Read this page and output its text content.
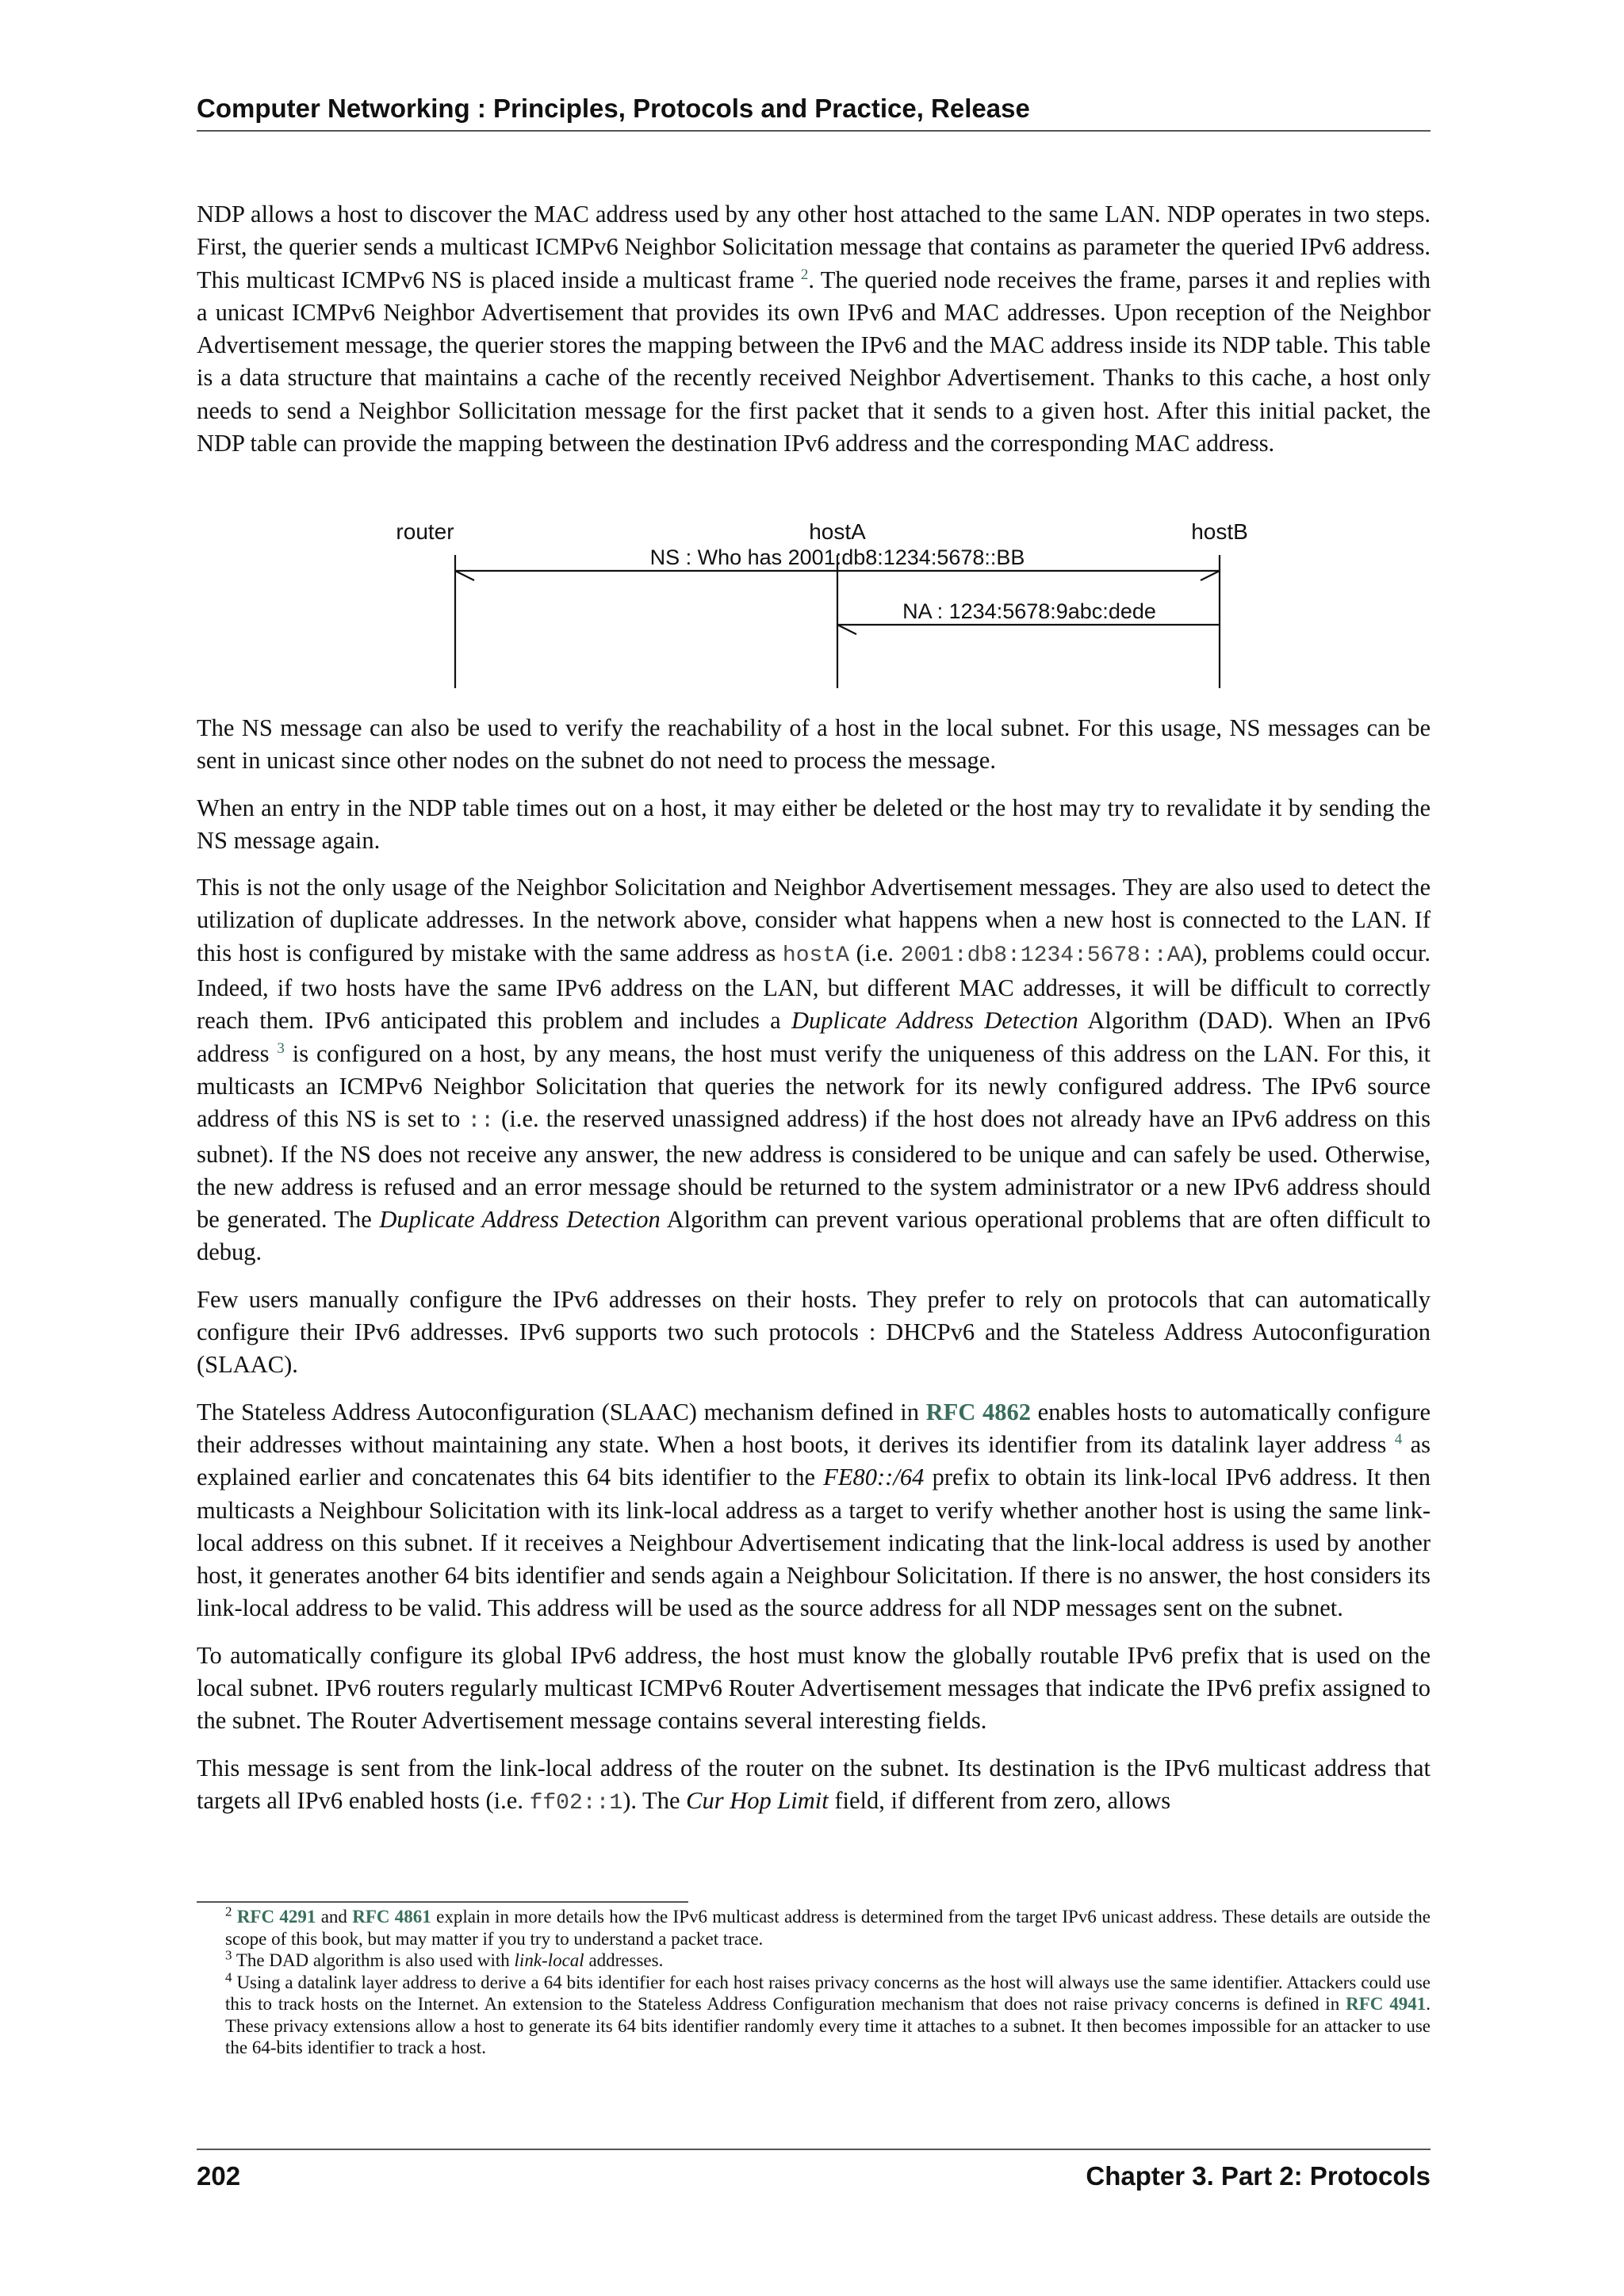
Computer Networking : Principles, Protocols and Practice, Release

NDP allows a host to discover the MAC address used by any other host attached to the same LAN. NDP operates in two steps. First, the querier sends a multicast ICMPv6 Neighbor Solicitation message that contains as parameter the queried IPv6 address. This multicast ICMPv6 NS is placed inside a multicast frame $^2$. The queried node receives the frame, parses it and replies with a unicast ICMPv6 Neighbor Advertisement that provides its own IPv6 and MAC addresses. Upon reception of the Neighbor Advertisement message, the querier stores the mapping between the IPv6 and the MAC address inside its NDP table. This table is a data structure that maintains a cache of the recently received Neighbor Advertisement. Thanks to this cache, a host only needs to send a Neighbor Sollicitation message for the first packet that it sends to a given host. After this initial packet, the NDP table can provide the mapping between the destination IPv6 address and the corresponding MAC address.

router	hostA	hostB
NS : Who has 2001:db8:1234:5678::BB
NA : 1234:5678:9abc:dede

The NS message can also be used to verify the reachability of a host in the local subnet. For this usage, NS messages can be sent in unicast since other nodes on the subnet do not need to process the message.

When an entry in the NDP table times out on a host, it may either be deleted or the host may try to revalidate it by sending the NS message again.

This is not the only usage of the Neighbor Solicitation and Neighbor Advertisement messages. They are also used to detect the utilization of duplicate addresses. In the network above, consider what happens when a new host is connected to the LAN. If this host is configured by mistake with the same address as hostA (i.e. 2001:db8:1234:5678::AA), problems could occur. Indeed, if two hosts have the same IPv6 address on the LAN, but different MAC addresses, it will be difficult to correctly reach them. IPv6 anticipated this problem and includes a Duplicate Address Detection Algorithm (DAD). When an IPv6 address $^3$ is configured on a host, by any means, the host must verify the uniqueness of this address on the LAN. For this, it multicasts an ICMPv6 Neighbor Solicitation that queries the network for its newly configured address. The IPv6 source address of this NS is set to :: (i.e. the reserved unassigned address) if the host does not already have an IPv6 address on this subnet). If the NS does not receive any answer, the new address is considered to be unique and can safely be used. Otherwise, the new address is refused and an error message should be returned to the system administrator or a new IPv6 address should be generated. The Duplicate Address Detection Algorithm can prevent various operational problems that are often difficult to debug.

Few users manually configure the IPv6 addresses on their hosts. They prefer to rely on protocols that can automatically configure their IPv6 addresses. IPv6 supports two such protocols : DHCPv6 and the Stateless Address Autoconfiguration (SLAAC).

The Stateless Address Autoconfiguration (SLAAC) mechanism defined in RFC 4862 enables hosts to automatically configure their addresses without maintaining any state. When a host boots, it derives its identifier from its datalink layer address $^4$ as explained earlier and concatenates this 64 bits identifier to the FE80::/64 prefix to obtain its link-local IPv6 address. It then multicasts a Neighbour Solicitation with its link-local address as a target to verify whether another host is using the same link-local address on this subnet. If it receives a Neighbour Advertisement indicating that the link-local address is used by another host, it generates another 64 bits identifier and sends again a Neighbour Solicitation. If there is no answer, the host considers its link-local address to be valid. This address will be used as the source address for all NDP messages sent on the subnet.

To automatically configure its global IPv6 address, the host must know the globally routable IPv6 prefix that is used on the local subnet. IPv6 routers regularly multicast ICMPv6 Router Advertisement messages that indicate the IPv6 prefix assigned to the subnet. The Router Advertisement message contains several interesting fields.

This message is sent from the link-local address of the router on the subnet. Its destination is the IPv6 multicast address that targets all IPv6 enabled hosts (i.e. ff02::1). The Cur Hop Limit field, if different from zero, allows

$^2$ RFC 4291 and RFC 4861 explain in more details how the IPv6 multicast address is determined from the target IPv6 unicast address. These details are outside the scope of this book, but may matter if you try to understand a packet trace.

$^3$ The DAD algorithm is also used with link-local addresses.

$^4$ Using a datalink layer address to derive a 64 bits identifier for each host raises privacy concerns as the host will always use the same identifier. Attackers could use this to track hosts on the Internet. An extension to the Stateless Address Configuration mechanism that does not raise privacy concerns is defined in RFC 4941. These privacy extensions allow a host to generate its 64 bits identifier randomly every time it attaches to a subnet. It then becomes impossible for an attacker to use the 64-bits identifier to track a host.

202	Chapter 3. Part 2: Protocols
